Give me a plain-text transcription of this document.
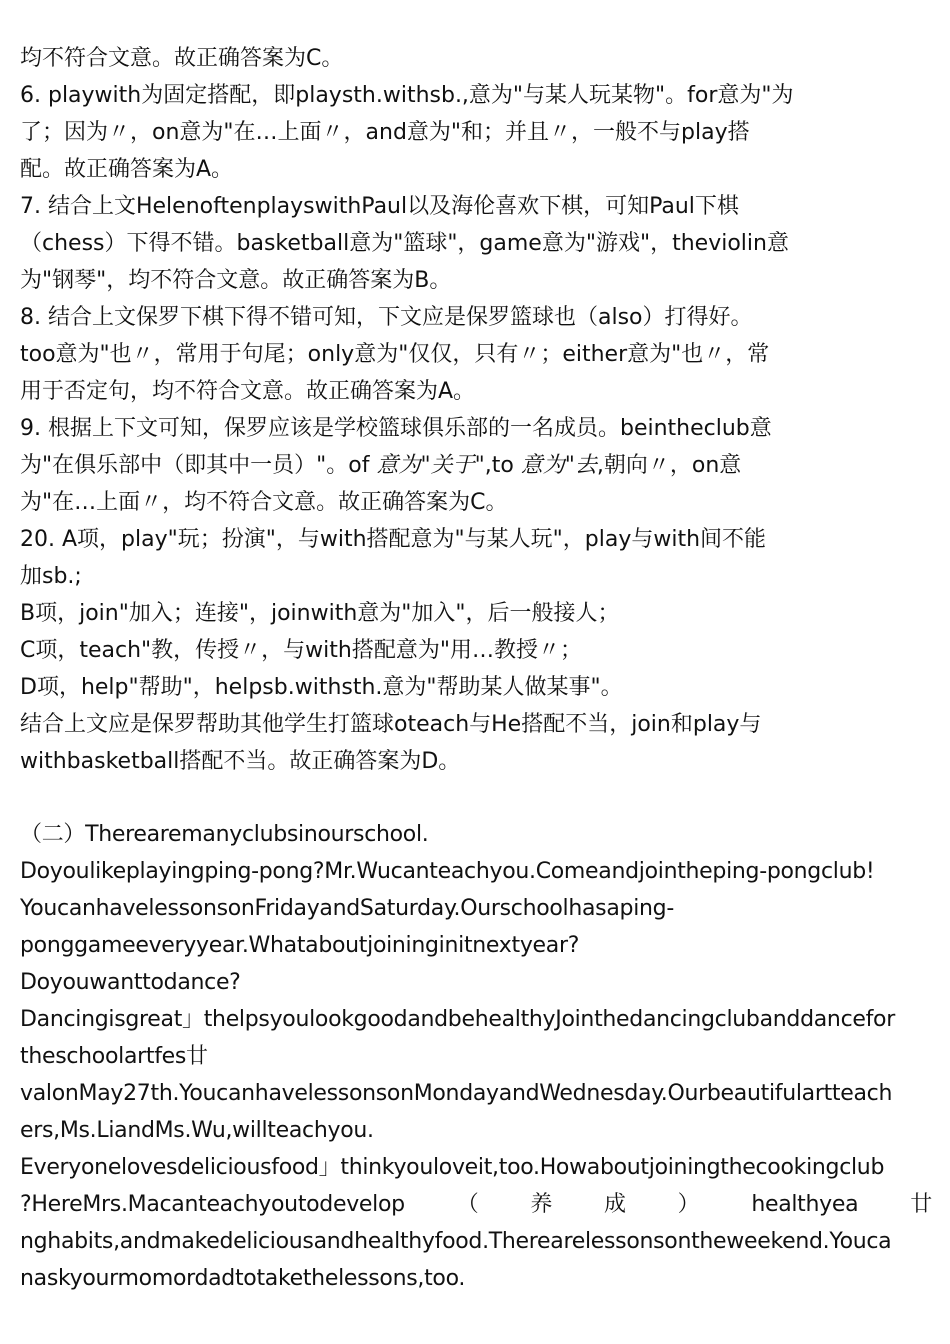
均不符合文意。故正确答案为C。

6. playwith为固定搭配，即playsth.withsb.,意为"与某人玩某物"。for意为"为

了；因为〃，on意为"在…上面〃，and意为"和；并且〃，一般不与play搭

配。故正确答案为A。

7. 结合上文HelenoftenplayswithPaul以及海伦喜欢下棋，可知Paul下棋

（chess）下得不错。basketball意为"篮球"，game意为"游戏"，theviolin意

为"钢琴"，均不符合文意。故正确答案为B。

8. 结合上文保罗下棋下得不错可知，下文应是保罗篮球也（also）打得好。

too意为"也〃，常用于句尾；only意为"仅仅，只有〃；either意为"也〃，常

用于否定句，均不符合文意。故正确答案为A。

9. 根据上下文可知，保罗应该是学校篮球俱乐部的一名成员。beintheclub意

为"在俱乐部中（即其中一员）"。of 意为"关于",to 意为"去,朝向〃，on意

为"在…上面〃，均不符合文意。故正确答案为C。

20. A项，play"玩；扮演"，与with搭配意为"与某人玩"，play与with间不能

加sb.;

B项，join"加入；连接"，joinwith意为"加入"，后一般接人；

C项，teach"教，传授〃，与with搭配意为"用…教授〃；

D项，help"帮助"，helpsb.withsth.意为"帮助某人做某事"。

结合上文应是保罗帮助其他学生打篮球oteach与He搭配不当，join和play与

withbasketball搭配不当。故正确答案为D。

（二）Therearemanyclubsinourschool.

Doyoulikeplayingping-pong?Mr.Wucanteachyou.Comeandjointheping-pongclub!

YoucanhavelessonsonFridayandSaturday.Ourschoolhasaping-

ponggameeveryyear.Whataboutjoininginitnextyear?

Doyouwanttodance?

Dancingisgreat」thelpsyoulookgoodandbehealthyJointhedancingclubanddancefor

theschoolartfes廿

valonMay27th.YoucanhavelessonsonMondayandWednesday.Ourbeautifulartteach

ers,Ms.LiandMs.Wu,willteachyou.

Everyonelovesdeliciousfood」thinkyouloveit,too.Howaboutjoiningthecookingclub

?HereMrs.Macanteachyoutodevelop （ 养 成 ） healthyea 廿

nghabits,andmakedeliciousandhealthyfood.Therearelessonsontheweekend.Youca

naskyourmomordadtotakethelessons,too.
